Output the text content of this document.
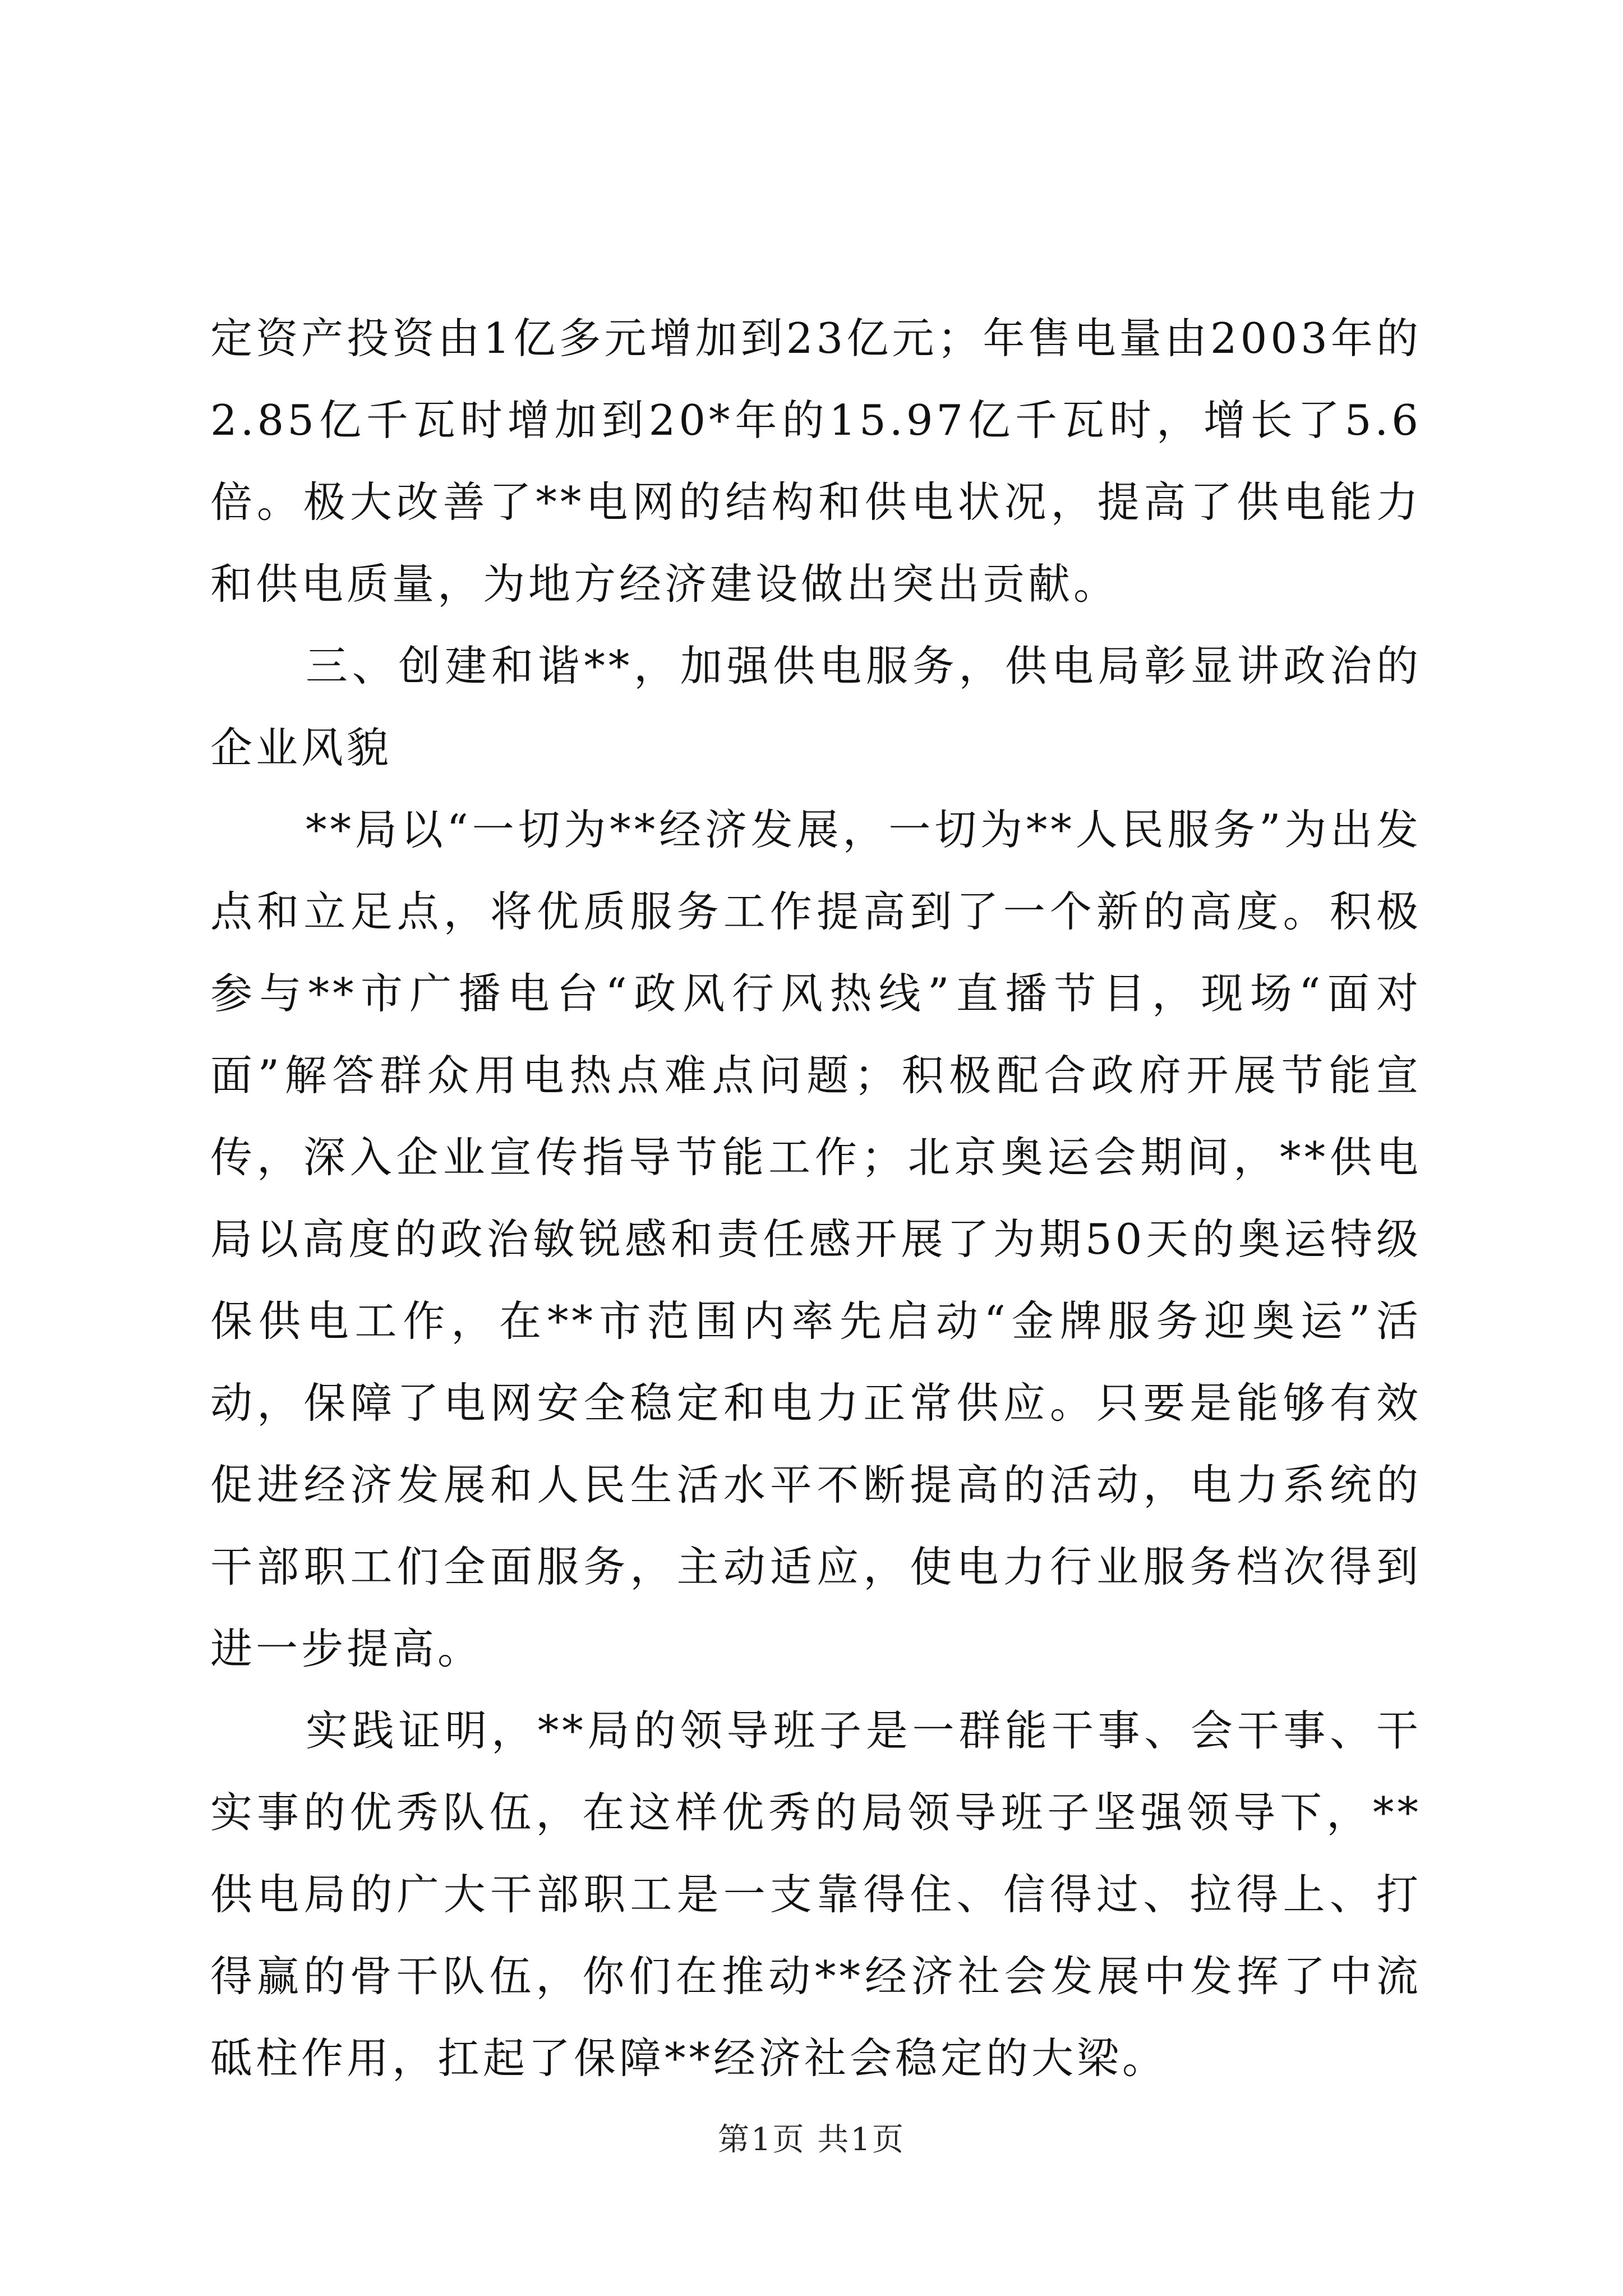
定资产投资由1亿多元增加到23亿元；年售电量由2003年的2.85亿千瓦时增加到20*年的15.97亿千瓦时，增长了5.6倍。极大改善了**电网的结构和供电状况，提高了供电能力和供电质量，为地方经济建设做出突出贡献。

三、创建和谐**，加强供电服务，供电局彰显讲政治的企业风貌

**局以“一切为**经济发展，一切为**人民服务”为出发点和立足点，将优质服务工作提高到了一个新的高度。积极参与**市广播电台“政风行风热线”直播节目，现场“面对面”解答群众用电热点难点问题；积极配合政府开展节能宣传，深入企业宣传指导节能工作；北京奥运会期间，**供电局以高度的政治敏锐感和责任感开展了为期50天的奥运特级保供电工作，在**市范围内率先启动“金牌服务迎奥运”活动，保障了电网安全稳定和电力正常供应。只要是能够有效促进经济发展和人民生活水平不断提高的活动，电力系统的干部职工们全面服务，主动适应，使电力行业服务档次得到进一步提高。

实践证明，**局的领导班子是一群能干事、会干事、干实事的优秀队伍，在这样优秀的局领导班子坚强领导下，**供电局的广大干部职工是一支靠得住、信得过、拉得上、打得赢的骨干队伍，你们在推动**经济社会发展中发挥了中流砥柱作用，扛起了保障**经济社会稳定的大梁。

第1页 共1页
